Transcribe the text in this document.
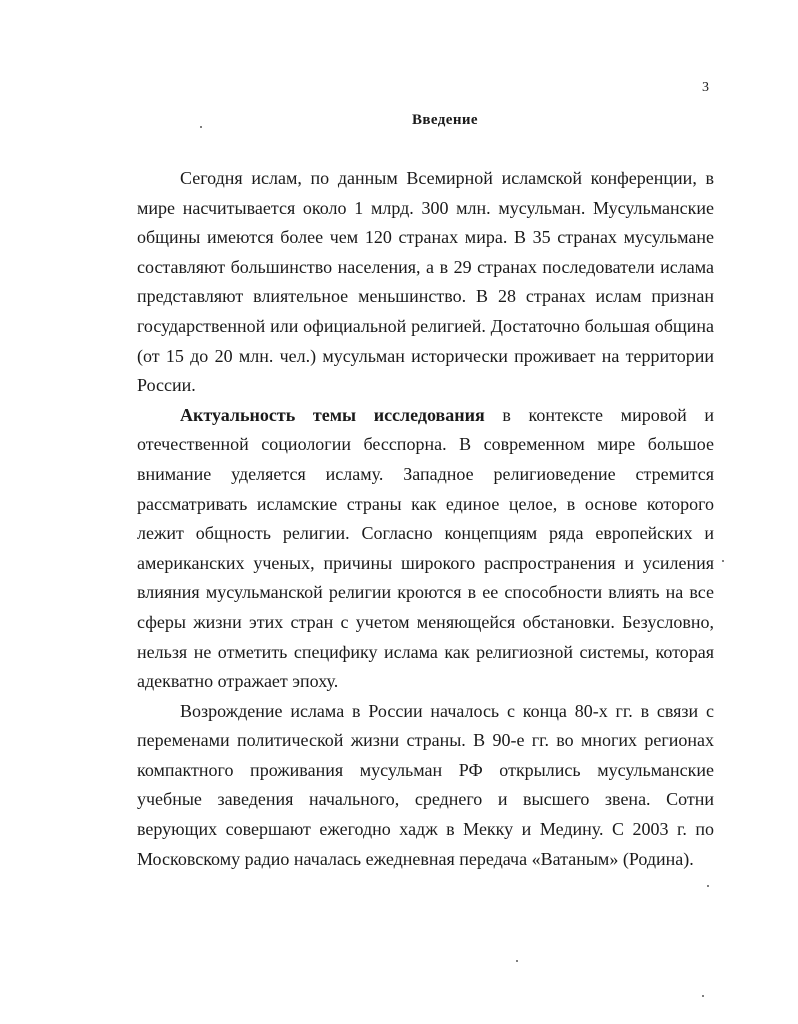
3
Введение

Сегодня ислам, по данным Всемирной исламской конференции, в мире насчитывается около 1 млрд. 300 млн. мусульман. Мусульманские общины имеются более чем 120 странах мира. В 35 странах мусульмане составляют большинство населения, а в 29 странах последователи ислама представляют влиятельное меньшинство. В 28 странах ислам признан государственной или официальной религией. Достаточно большая община (от 15 до 20 млн. чел.) мусульман исторически проживает на территории России.

Актуальность темы исследования в контексте мировой и отечественной социологии бесспорна. В современном мире большое внимание уделяется исламу. Западное религиоведение стремится рассматривать исламские страны как единое целое, в основе которого лежит общность религии. Согласно концепциям ряда европейских и американских ученых, причины широкого распространения и усиления влияния мусульманской религии кроются в ее способности влиять на все сферы жизни этих стран с учетом меняющейся обстановки. Безусловно, нельзя не отметить специфику ислама как религиозной системы, которая адекватно отражает эпоху.

Возрождение ислама в России началось с конца 80-х гг. в связи с переменами политической жизни страны. В 90-е гг. во многих регионах компактного проживания мусульман РФ открылись мусульманские учебные заведения начального, среднего и высшего звена. Сотни верующих совершают ежегодно хадж в Мекку и Медину. С 2003 г. по Московскому радио началась ежедневная передача «Ватаным» (Родина).
